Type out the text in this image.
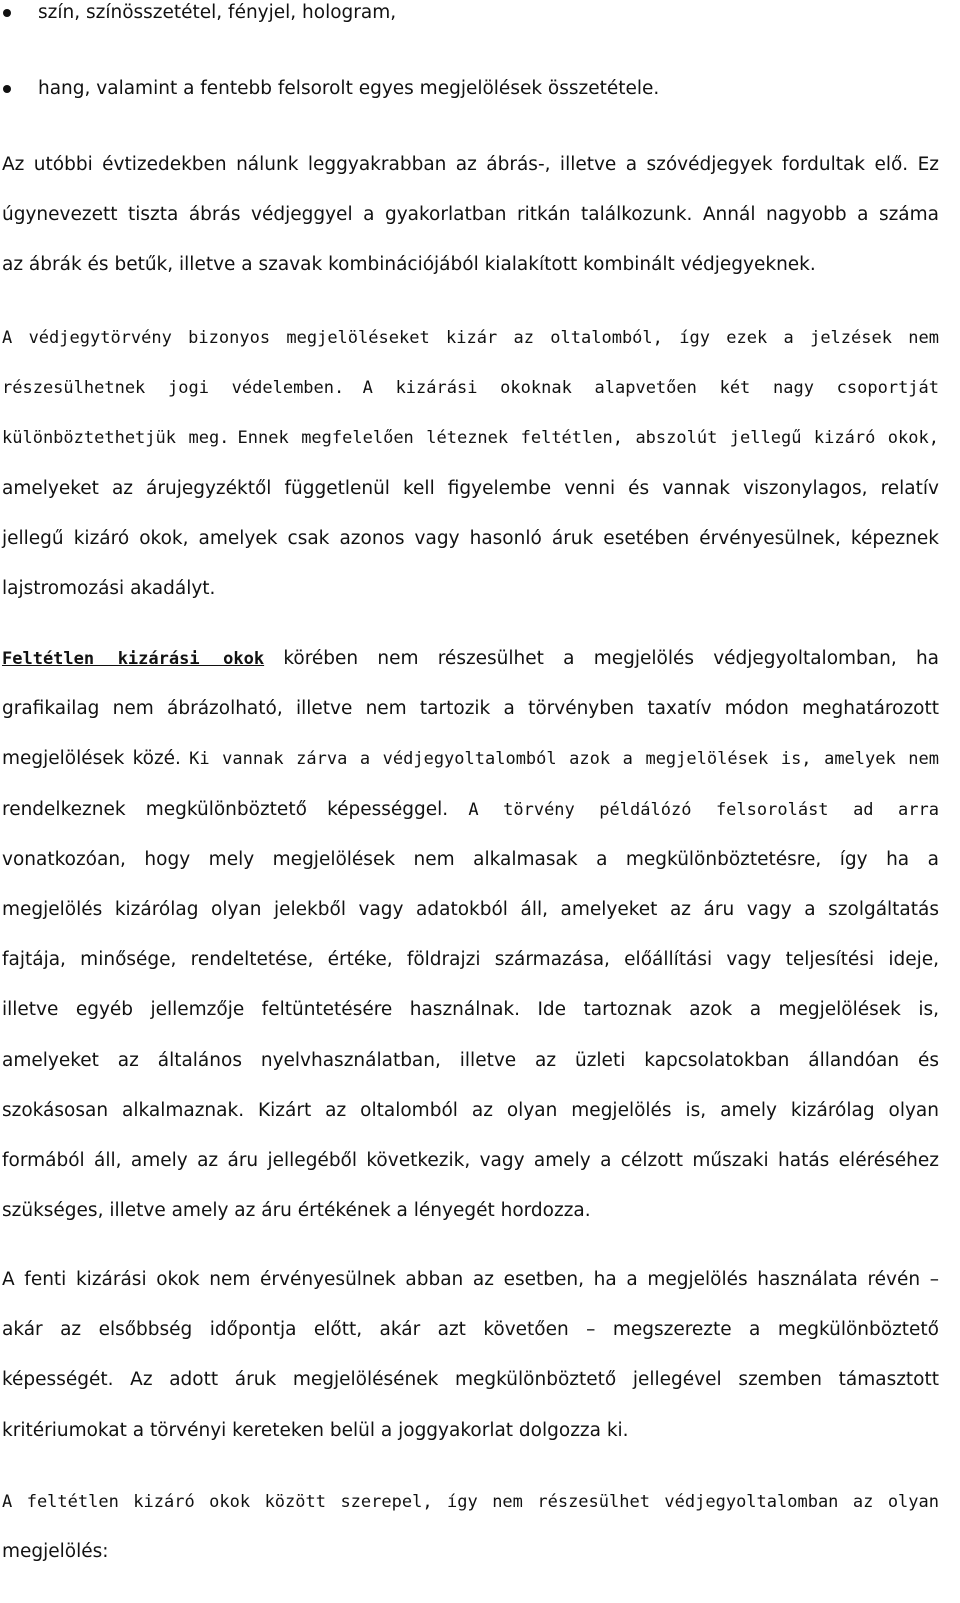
szín, színösszetétel, fényjel, hologram,
hang, valamint a fentebb felsorolt egyes megjelölések összetétele.
Az utóbbi évtizedekben nálunk leggyakrabban az ábrás-, illetve a szóvédjegyek fordultak elő. Ez
úgynevezett tiszta ábrás védjeggyel a gyakorlatban ritkán találkozunk. Annál nagyobb a száma
az ábrák és betűk, illetve a szavak kombinációjából kialakított kombinált védjegyeknek.
A védjegytörvény bizonyos megjelöléseket kizár az oltalomból, így ezek a jelzések nem
részesülhetnek jogi védelemben. A kizárási okoknak alapvetően két nagy csoportját
különböztethetjük meg. Ennek megfelelően léteznek feltétlen, abszolút jellegű kizáró okok,
amelyeket az árujegyzéktől függetlenül kell figyelembe venni és vannak viszonylagos, relatív
jellegű kizáró okok, amelyek csak azonos vagy hasonló áruk esetében érvényesülnek, képeznek
lajstromozási akadályt.
Feltétlen kizárási okok körében nem részesülhet a megjelölés védjegyoltalomban, ha
grafikailag nem ábrázolható, illetve nem tartozik a törvényben taxatív módon meghatározott
megjelölések közé. Ki vannak zárva a védjegyoltalomból azok a megjelölések is, amelyek nem
rendelkeznek megkülönböztető képességgel. A törvény példálózó felsorolást ad arra
vonatkozóan, hogy mely megjelölések nem alkalmasak a megkülönböztetésre, így ha a
megjelölés kizárólag olyan jelekből vagy adatokból áll, amelyeket az áru vagy a szolgáltatás
fajtája, minősége, rendeltetése, értéke, földrajzi származása, előállítási vagy teljesítési ideje,
illetve egyéb jellemzője feltüntetésére használnak. Ide tartoznak azok a megjelölések is,
amelyeket az általános nyelvhasználatban, illetve az üzleti kapcsolatokban állandóan és
szokásosan alkalmaznak. Kizárt az oltalomból az olyan megjelölés is, amely kizárólag olyan
formából áll, amely az áru jellegéből következik, vagy amely a célzott műszaki hatás eléréséhez
szükséges, illetve amely az áru értékének a lényegét hordozza.
A fenti kizárási okok nem érvényesülnek abban az esetben, ha a megjelölés használata révén –
akár az elsőbbség időpontja előtt, akár azt követően – megszerezte a megkülönböztető
képességét. Az adott áruk megjelölésének megkülönböztető jellegével szemben támasztott
kritériumokat a törvényi kereteken belül a joggyakorlat dolgozza ki.
A feltétlen kizáró okok között szerepel, így nem részesülhet védjegyoltalomban az olyan
megjelölés:
